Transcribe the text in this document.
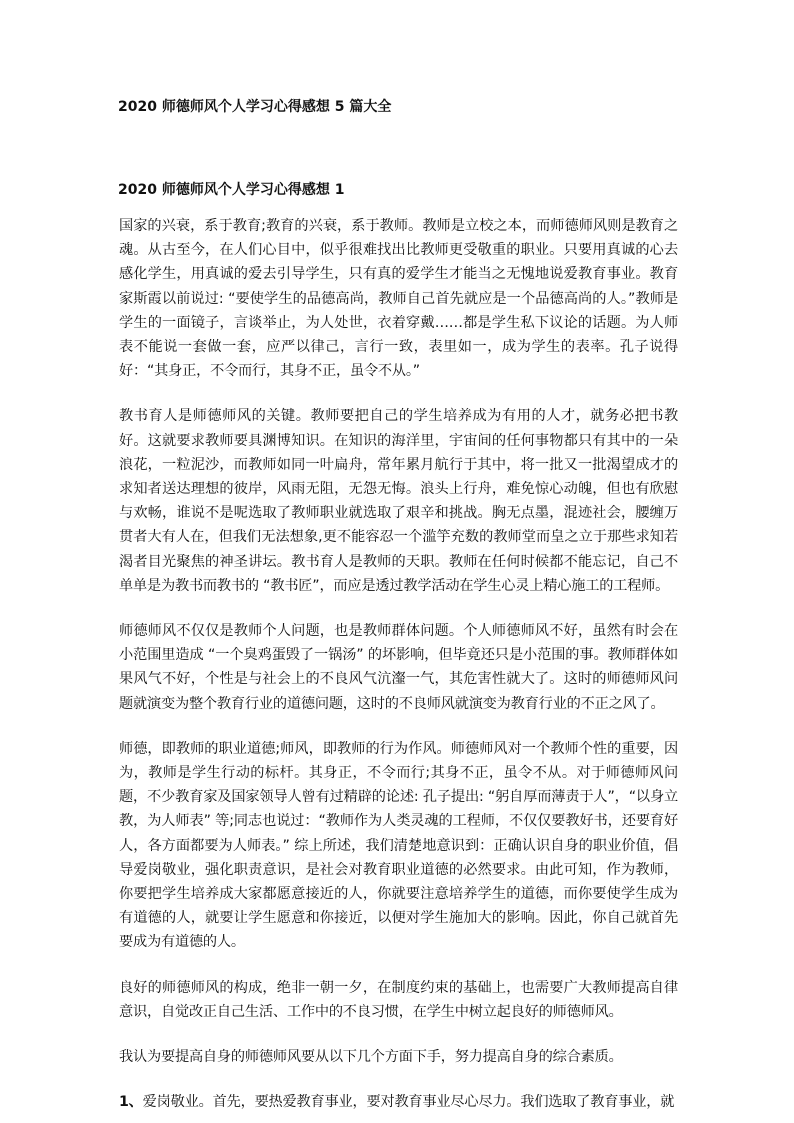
2020 师德师风个人学习心得感想 5 篇大全
2020 师德师风个人学习心得感想 1

国家的兴衰，系于教育;教育的兴衰，系于教师。教师是立校之本，而师德师风则是教育之魂。从古至今，在人们心目中，似乎很难找出比教师更受敬重的职业。只要用真诚的心去感化学生，用真诚的爱去引导学生，只有真的爱学生才能当之无愧地说爱教育事业。教育家斯霞以前说过: “要使学生的品德高尚，教师自己首先就应是一个品德高尚的人。”教师是学生的一面镜子，言谈举止，为人处世，衣着穿戴……都是学生私下议论的话题。为人师表不能说一套做一套，应严以律己，言行一致，表里如一，成为学生的表率。孔子说得好：“其身正，不令而行，其身不正，虽令不从。”

教书育人是师德师风的关键。教师要把自己的学生培养成为有用的人才，就务必把书教好。这就要求教师要具渊博知识。在知识的海洋里，宇宙间的任何事物都只有其中的一朵浪花，一粒泥沙，而教师如同一叶扁舟，常年累月航行于其中，将一批又一批渴望成才的求知者送达理想的彼岸，风雨无阻，无怨无悔。浪头上行舟，难免惊心动魄，但也有欣慰与欢畅，谁说不是呢选取了教师职业就选取了艰辛和挑战。胸无点墨，混迹社会，腰缠万贯者大有人在，但我们无法想象,更不能容忍一个滥竽充数的教师堂而皇之立于那些求知若渴者目光聚焦的神圣讲坛。教书育人是教师的天职。教师在任何时候都不能忘记，自己不单单是为教书而教书的 “教书匠”，而应是透过教学活动在学生心灵上精心施工的工程师。

师德师风不仅仅是教师个人问题，也是教师群体问题。个人师德师风不好，虽然有时会在小范围里造成 “一个臭鸡蛋毁了一锅汤” 的坏影响，但毕竟还只是小范围的事。教师群体如果风气不好，个性是与社会上的不良风气沆瀣一气，其危害性就大了。这时的师德师风问题就演变为整个教育行业的道德问题，这时的不良师风就演变为教育行业的不正之风了。

师德，即教师的职业道德;师风，即教师的行为作风。师德师风对一个教师个性的重要，因为，教师是学生行动的标杆。其身正，不令而行;其身不正，虽令不从。对于师德师风问题，不少教育家及国家领导人曾有过精辟的论述: 孔子提出: “躬自厚而薄责于人”，“以身立教，为人师表” 等;同志也说过：“教师作为人类灵魂的工程师，不仅仅要教好书，还要育好人，各方面都要为人师表。” 综上所述，我们清楚地意识到：正确认识自身的职业价值，倡导爱岗敬业，强化职责意识，是社会对教育职业道德的必然要求。由此可知，作为教师，你要把学生培养成大家都愿意接近的人，你就要注意培养学生的道德，而你要使学生成为有道德的人，就要让学生愿意和你接近，以便对学生施加大的影响。因此，你自己就首先要成为有道德的人。

良好的师德师风的构成，绝非一朝一夕，在制度约束的基础上，也需要广大教师提高自律意识，自觉改正自己生活、工作中的不良习惯，在学生中树立起良好的师德师风。

我认为要提高自身的师德师风要从以下几个方面下手，努力提高自身的综合素质。

1、爱岗敬业。首先，要热爱教育事业，要对教育事业尽心尽力。我们选取了教育事业，就
